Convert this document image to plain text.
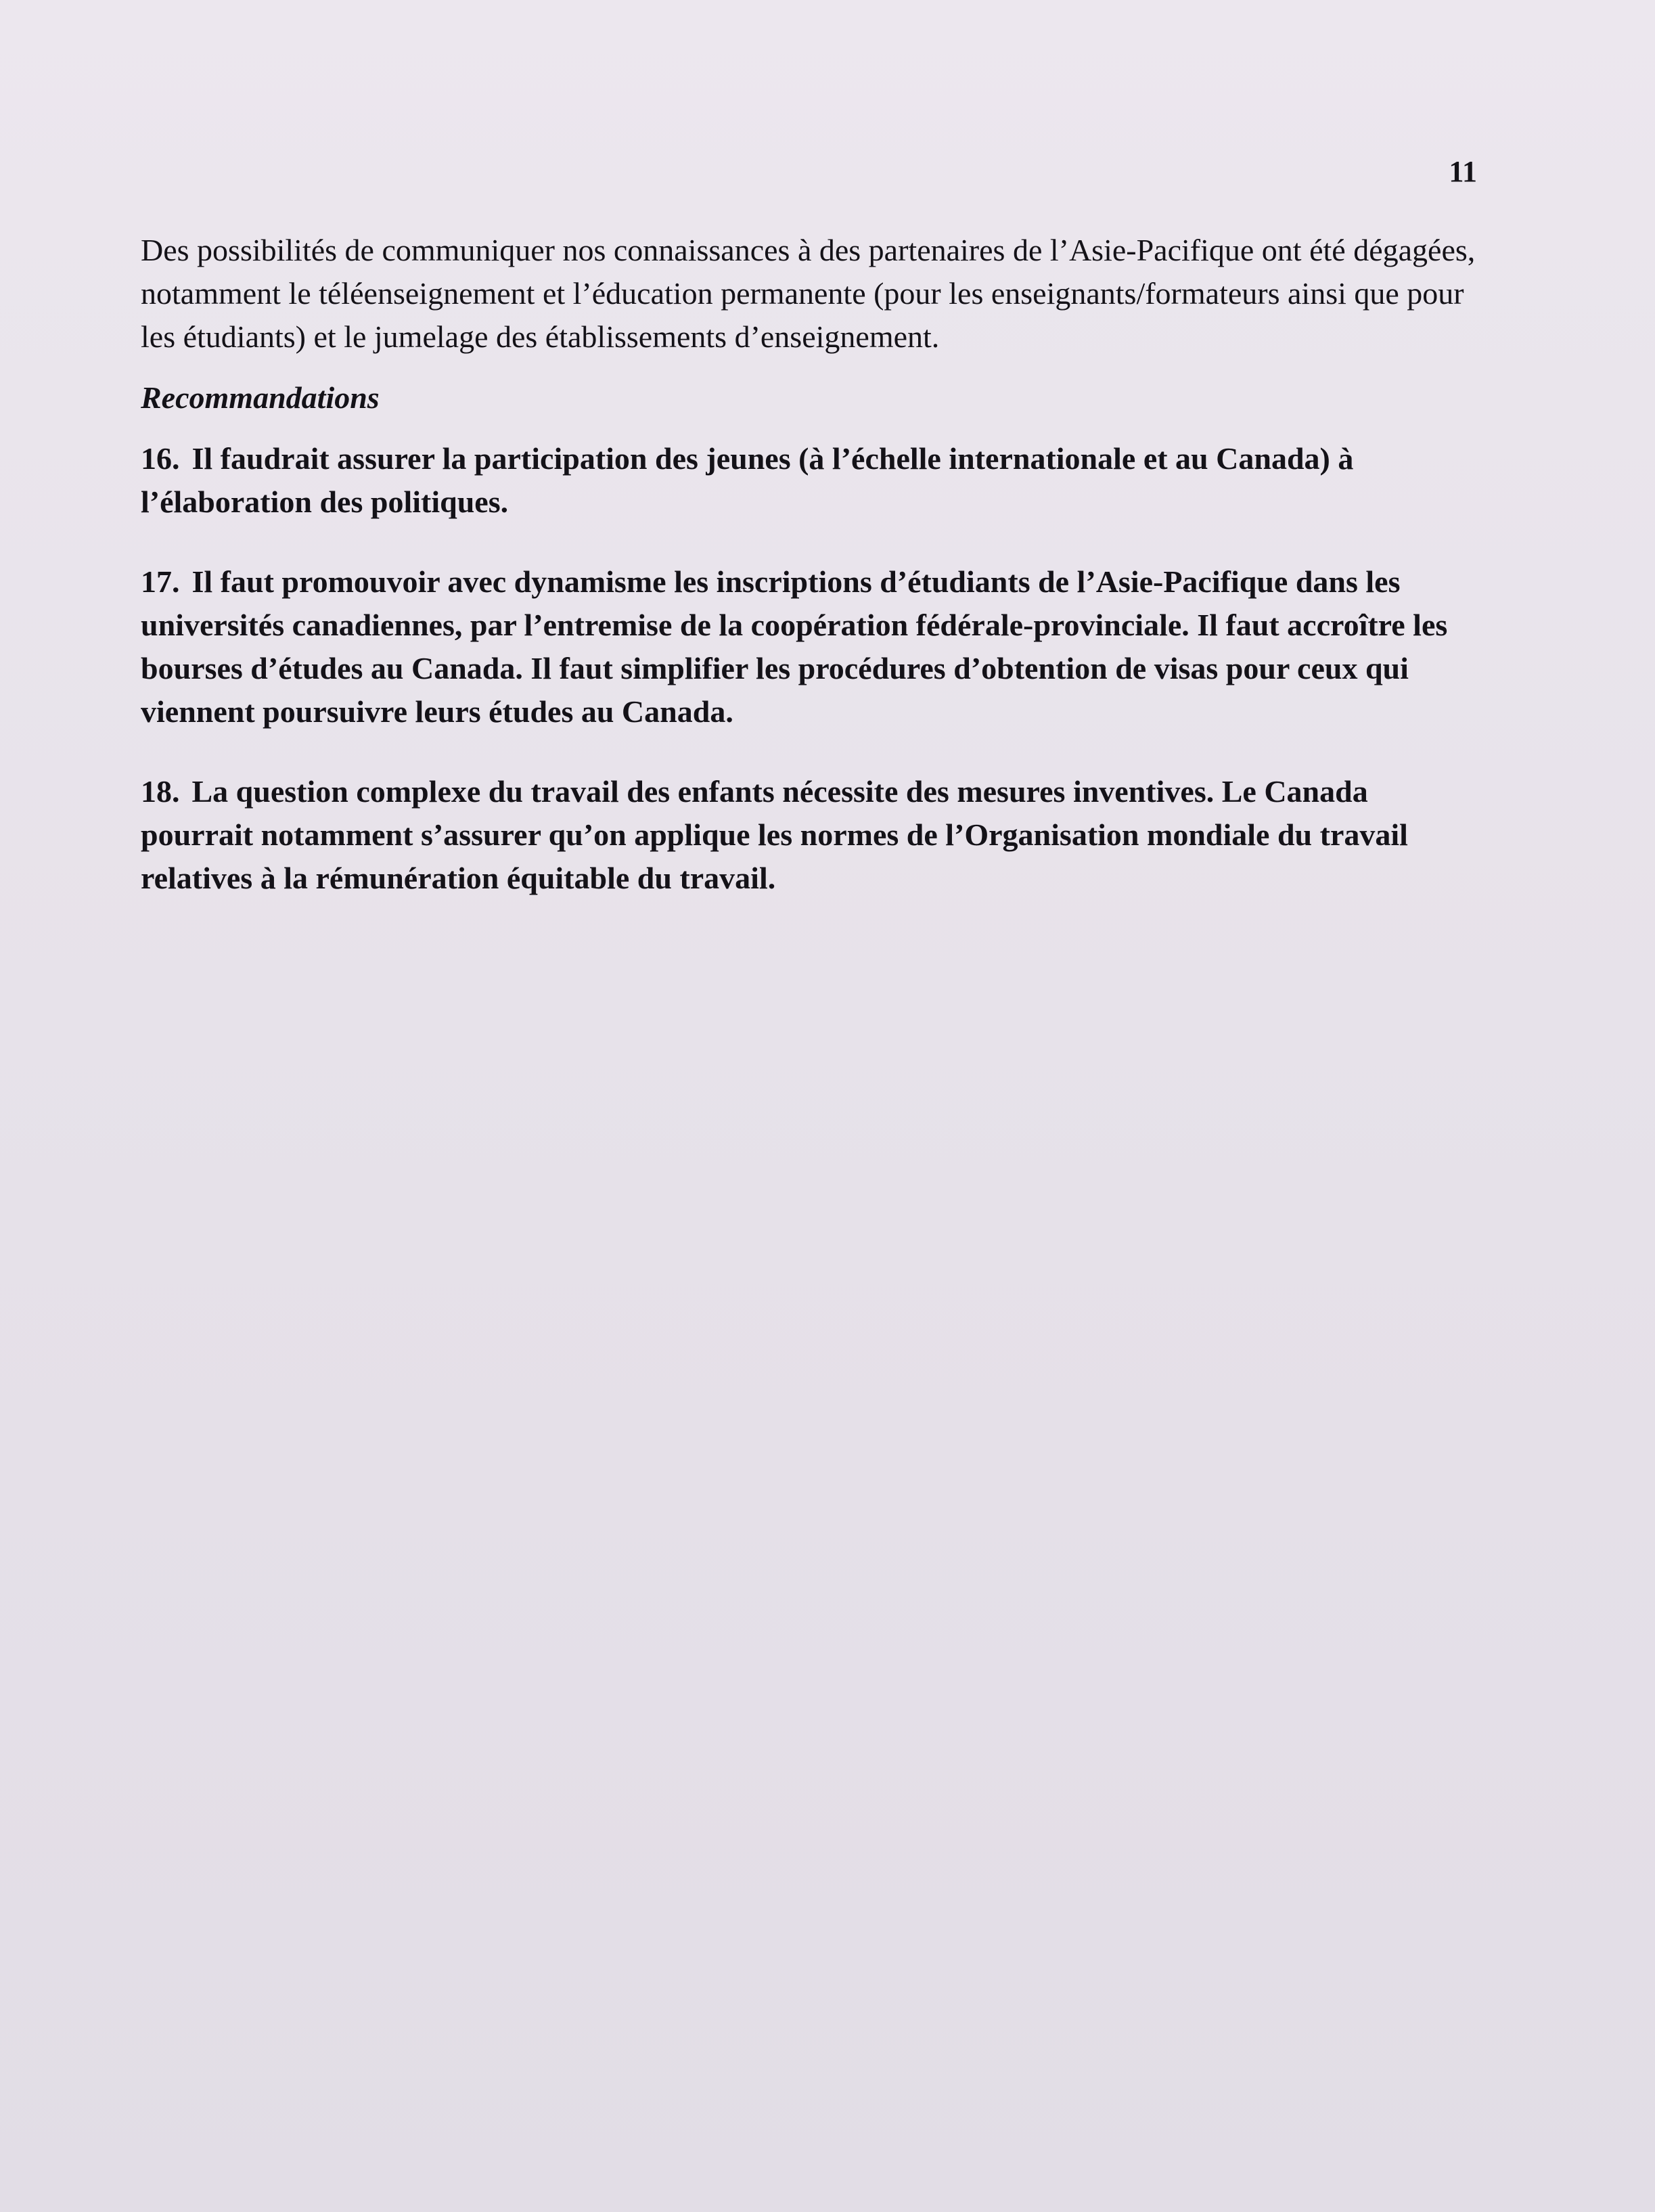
11

Des possibilités de communiquer nos connaissances à des partenaires de l’Asie-Pacifique ont été dégagées, notamment le téléenseignement et l’éducation permanente (pour les enseignants/formateurs ainsi que pour les étudiants) et le jumelage des établissements d’enseignement.

Recommandations

16. Il faudrait assurer la participation des jeunes (à l’échelle internationale et au Canada) à l’élaboration des politiques.

17. Il faut promouvoir avec dynamisme les inscriptions d’étudiants de l’Asie-Pacifique dans les universités canadiennes, par l’entremise de la coopération fédérale-provinciale. Il faut accroître les bourses d’études au Canada. Il faut simplifier les procédures d’obtention de visas pour ceux qui viennent poursuivre leurs études au Canada.

18. La question complexe du travail des enfants nécessite des mesures inventives. Le Canada pourrait notamment s’assurer qu’on applique les normes de l’Organisation mondiale du travail relatives à la rémunération équitable du travail.
